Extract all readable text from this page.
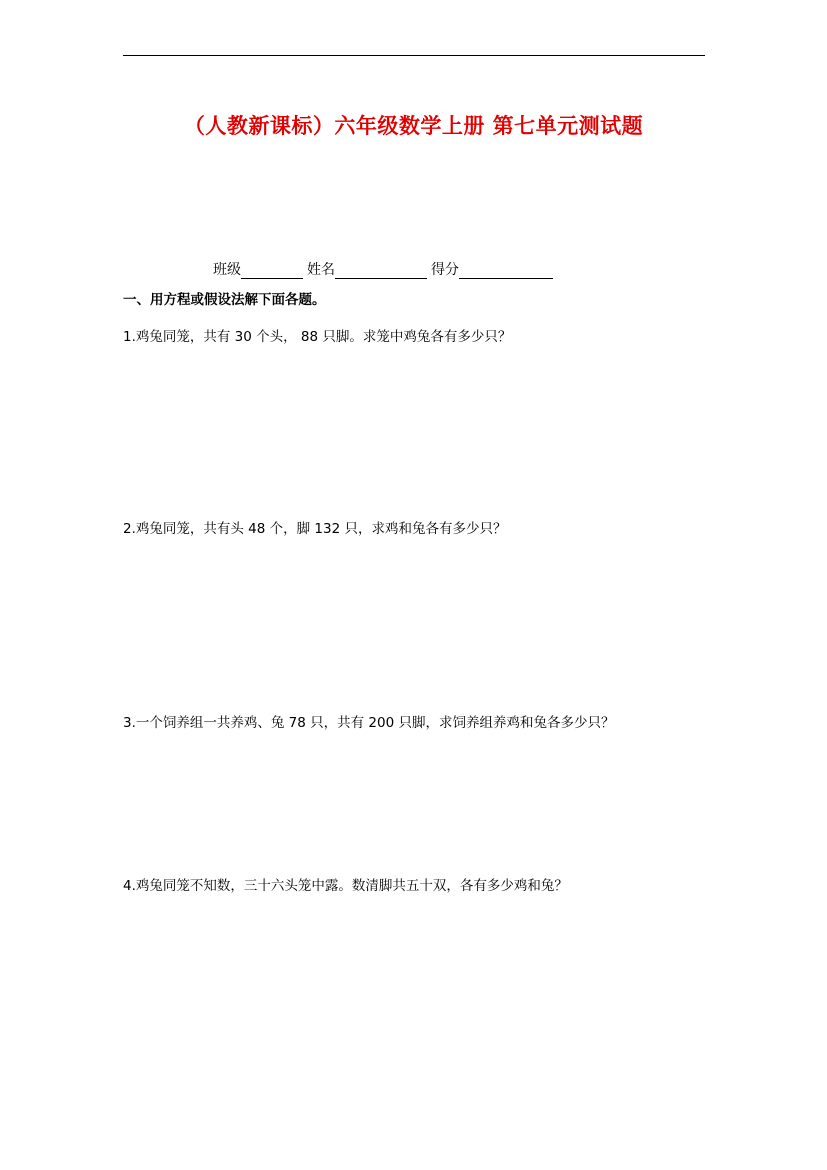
（人教新课标）六年级数学上册 第七单元测试题
班级	姓名	得分
一、用方程或假设法解下面各题。
1.鸡兔同笼，共有 30 个头， 88 只脚。求笼中鸡兔各有多少只？
2.鸡兔同笼，共有头 48 个，脚 132 只，求鸡和兔各有多少只？
3.一个饲养组一共养鸡、兔 78 只，共有 200 只脚，求饲养组养鸡和兔各多少只？
4.鸡兔同笼不知数，三十六头笼中露。数清脚共五十双，各有多少鸡和兔？
